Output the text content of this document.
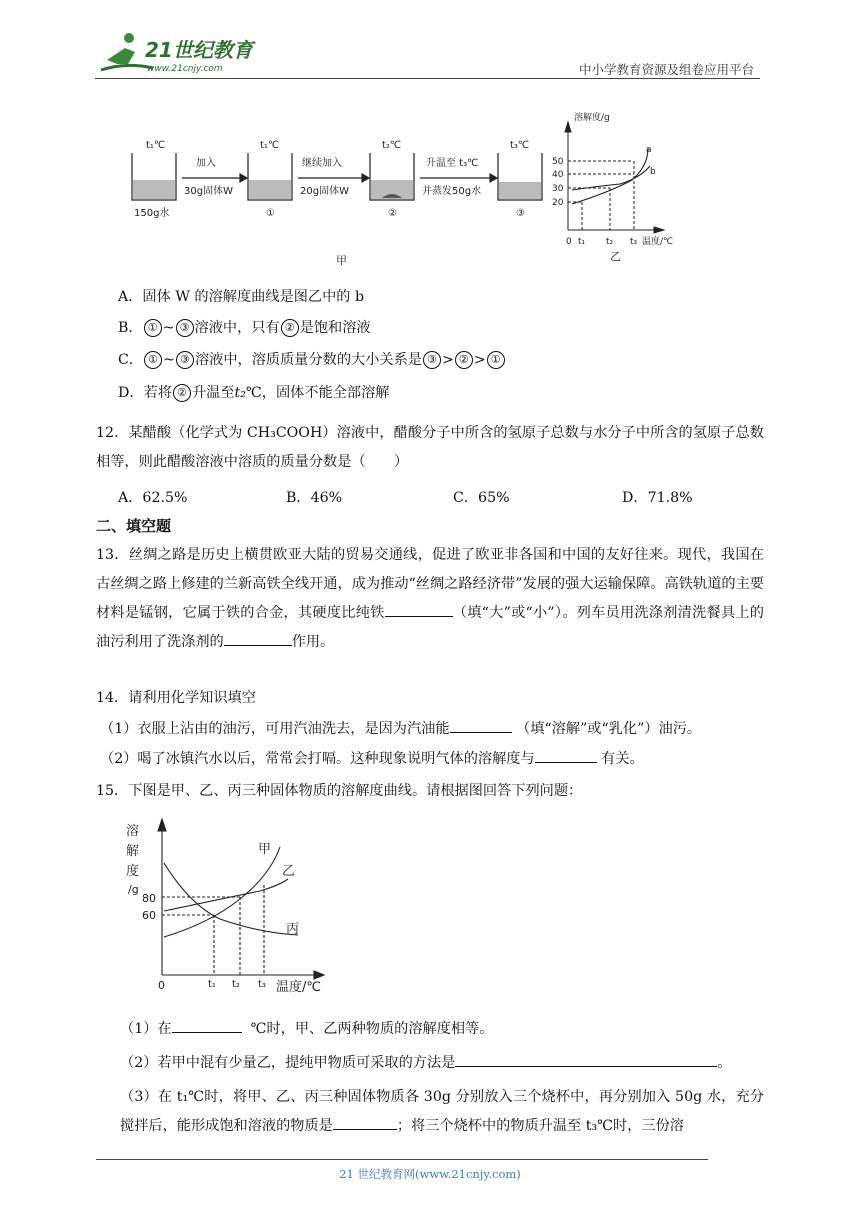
21世纪教育
www.21cnjy.com	中小学教育资源及组卷应用平台
t₁℃
150g水
加入
30g固体W
t₁℃
①
继续加入
20g固体W
t₂℃
②
升温至 t₃℃
并蒸发50g水
t₃℃
③
甲
溶解度/g
温度/℃
0
50
40
30
20
t₁ t₂ t₃
a
b
乙
A．固体 W 的溶解度曲线是图乙中的 b
B． ① ~ ③ 溶液中，只有 ② 是饱和溶液
C． ① ~ ③ 溶液中，溶质质量分数的大小关系是 ③ > ② > ①
D．若将 ② 升温至t₂℃，固体不能全部溶解
12．某醋酸（化学式为 CH₃COOH）溶液中，醋酸分子中所含的氢原子总数与水分子中所含的氢原子总数相等，则此醋酸溶液中溶质的质量分数是（　　）
A．62.5%	B．46%	C．65%	D．71.8%
二、填空题
13．丝绸之路是历史上横贯欧亚大陆的贸易交通线，促进了欧亚非各国和中国的友好往来。现代，我国在古丝绸之路上修建的兰新高铁全线开通，成为推动“丝绸之路经济带”发展的强大运输保障。高铁轨道的主要材料是锰钢，它属于铁的合金，其硬度比纯铁	（填“大”或“小”）。列车员用洗涤剂清洗餐具上的油污利用了洗涤剂的	作用。
14．请利用化学知识填空
（1）衣服上沾由的油污，可用汽油洗去，是因为汽油能	（填“溶解”或“乳化”）油污。
（2）喝了冰镇汽水以后，常常会打嗝。这种现象说明气体的溶解度与	有关。
15．下图是甲、乙、丙三种固体物质的溶解度曲线。请根据图回答下列问题：
溶
解
度
/g
80
60
0	t₁ t₂ t₃ 温度/℃
甲
乙
丙
（1）在	℃时，甲、乙两种物质的溶解度相等。
（2）若甲中混有少量乙，提纯甲物质可采取的方法是	。
（3）在 t₁℃时，将甲、乙、丙三种固体物质各 30g 分别放入三个烧杯中，再分别加入 50g 水，充分搅拌后，能形成饱和溶液的物质是	；将三个烧杯中的物质升温至 t₃℃时，三份溶
21 世纪教育网(www.21cnjy.com)
